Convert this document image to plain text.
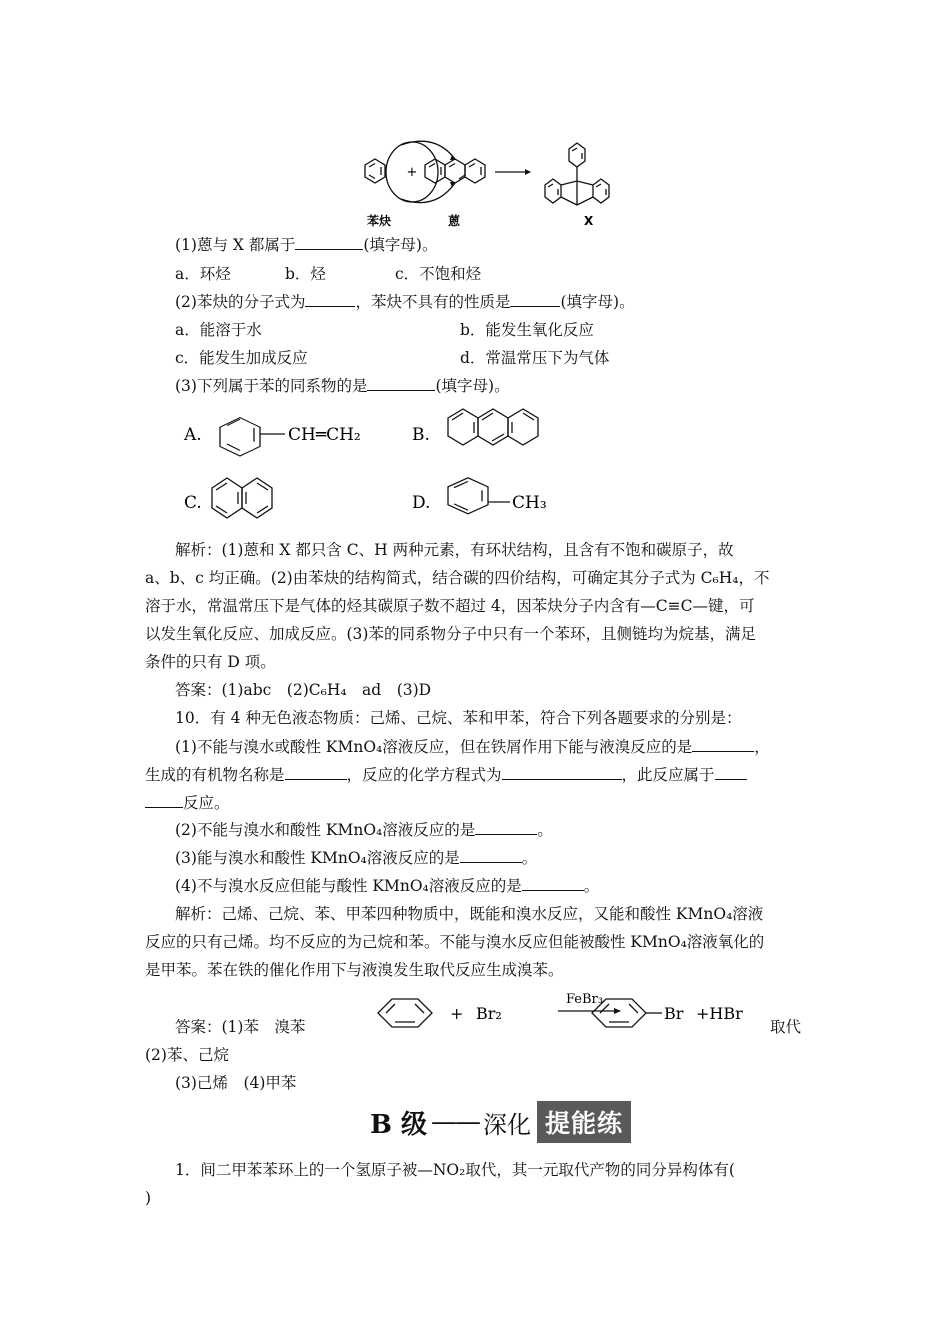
+
苯炔	蒽	X
(1)蒽与 X 都属于	(填字母)。
a．环烃	b．烃	c．不饱和烃
(2)苯炔的分子式为	，苯炔不具有的性质是	(填字母)。
a．能溶于水	b．能发生氧化反应
c．能发生加成反应	d．常温常压下为气体
(3)下列属于苯的同系物的是	(填字母)。
A.	CH═CH₂	B.
C.	D.	CH₃
解析：(1)蒽和 X 都只含 C、H 两种元素，有环状结构，且含有不饱和碳原子，故
a、b、c 均正确。(2)由苯炔的结构简式，结合碳的四价结构，可确定其分子式为 C₆H₄，不
溶于水，常温常压下是气体的烃其碳原子数不超过 4，因苯炔分子内含有—C≡C—键，可
以发生氧化反应、加成反应。(3)苯的同系物分子中只有一个苯环，且侧链均为烷基，满足
条件的只有 D 项。
答案：(1)abc　(2)C₆H₄　ad　(3)D
10．有 4 种无色液态物质：己烯、己烷、苯和甲苯，符合下列各题要求的分别是：
(1)不能与溴水或酸性 KMnO₄溶液反应，但在铁屑作用下能与液溴反应的是	，
生成的有机物名称是	，反应的化学方程式为	，此反应属于
反应。
(2)不能与溴水和酸性 KMnO₄溶液反应的是	。
(3)能与溴水和酸性 KMnO₄溶液反应的是	。
(4)不与溴水反应但能与酸性 KMnO₄溶液反应的是	。
解析：己烯、己烷、苯、甲苯四种物质中，既能和溴水反应，又能和酸性 KMnO₄溶液
反应的只有己烯。均不反应的为己烷和苯。不能与溴水反应但能被酸性 KMnO₄溶液氧化的
是甲苯。苯在铁的催化作用下与液溴发生取代反应生成溴苯。
答案：(1)苯　溴苯
+ Br₂
FeBr₃
Br +HBr
取代
(2)苯、己烷
(3)己烯　(4)甲苯
B 级 —— 深化 提能练
1．间二甲苯苯环上的一个氢原子被—NO₂取代，其一元取代产物的同分异构体有(
)
